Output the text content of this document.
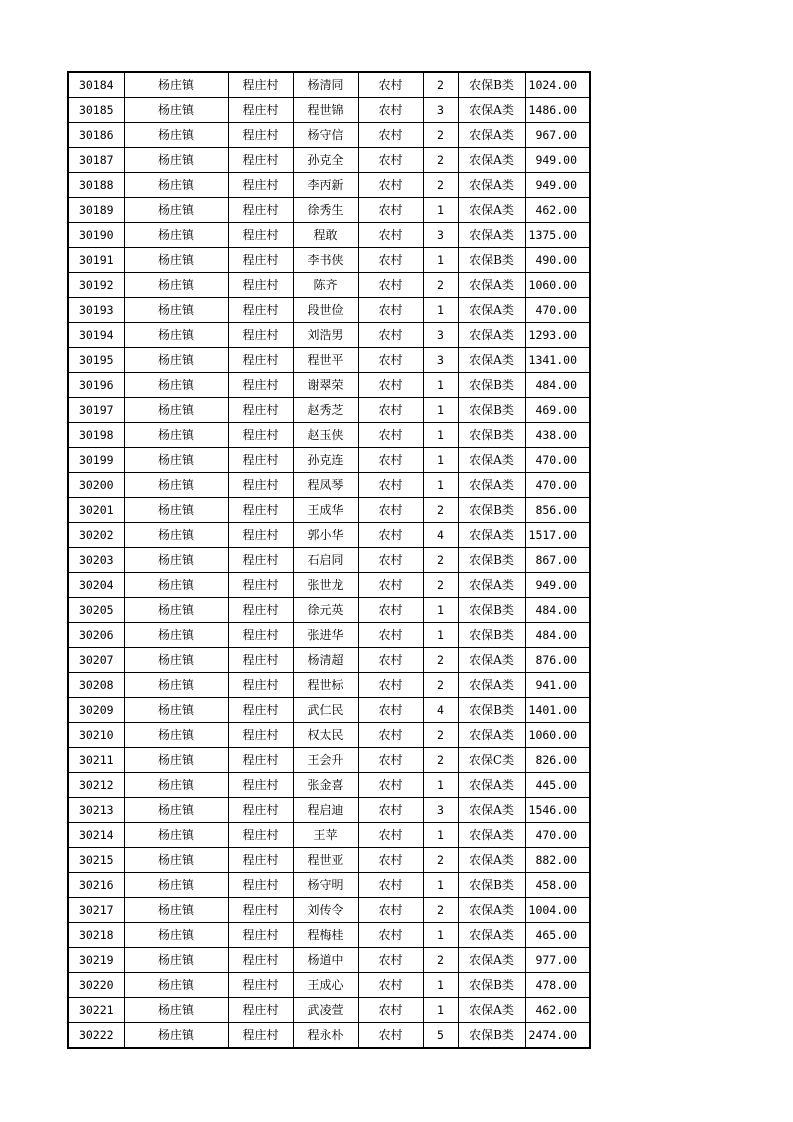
30184	杨庄镇	程庄村	杨清同	农村	2	农保B类	1024.00
30185	杨庄镇	程庄村	程世锦	农村	3	农保A类	1486.00
30186	杨庄镇	程庄村	杨守信	农村	2	农保A类	967.00
30187	杨庄镇	程庄村	孙克全	农村	2	农保A类	949.00
30188	杨庄镇	程庄村	李丙新	农村	2	农保A类	949.00
30189	杨庄镇	程庄村	徐秀生	农村	1	农保A类	462.00
30190	杨庄镇	程庄村	程敢	农村	3	农保A类	1375.00
30191	杨庄镇	程庄村	李书侠	农村	1	农保B类	490.00
30192	杨庄镇	程庄村	陈齐	农村	2	农保A类	1060.00
30193	杨庄镇	程庄村	段世俭	农村	1	农保A类	470.00
30194	杨庄镇	程庄村	刘浩男	农村	3	农保A类	1293.00
30195	杨庄镇	程庄村	程世平	农村	3	农保A类	1341.00
30196	杨庄镇	程庄村	谢翠荣	农村	1	农保B类	484.00
30197	杨庄镇	程庄村	赵秀芝	农村	1	农保B类	469.00
30198	杨庄镇	程庄村	赵玉侠	农村	1	农保B类	438.00
30199	杨庄镇	程庄村	孙克连	农村	1	农保A类	470.00
30200	杨庄镇	程庄村	程凤琴	农村	1	农保A类	470.00
30201	杨庄镇	程庄村	王成华	农村	2	农保B类	856.00
30202	杨庄镇	程庄村	郭小华	农村	4	农保A类	1517.00
30203	杨庄镇	程庄村	石启同	农村	2	农保B类	867.00
30204	杨庄镇	程庄村	张世龙	农村	2	农保A类	949.00
30205	杨庄镇	程庄村	徐元英	农村	1	农保B类	484.00
30206	杨庄镇	程庄村	张进华	农村	1	农保B类	484.00
30207	杨庄镇	程庄村	杨清超	农村	2	农保A类	876.00
30208	杨庄镇	程庄村	程世标	农村	2	农保A类	941.00
30209	杨庄镇	程庄村	武仁民	农村	4	农保B类	1401.00
30210	杨庄镇	程庄村	权太民	农村	2	农保A类	1060.00
30211	杨庄镇	程庄村	王会升	农村	2	农保C类	826.00
30212	杨庄镇	程庄村	张金喜	农村	1	农保A类	445.00
30213	杨庄镇	程庄村	程启迪	农村	3	农保A类	1546.00
30214	杨庄镇	程庄村	王苹	农村	1	农保A类	470.00
30215	杨庄镇	程庄村	程世亚	农村	2	农保A类	882.00
30216	杨庄镇	程庄村	杨守明	农村	1	农保B类	458.00
30217	杨庄镇	程庄村	刘传令	农村	2	农保A类	1004.00
30218	杨庄镇	程庄村	程梅桂	农村	1	农保A类	465.00
30219	杨庄镇	程庄村	杨道中	农村	2	农保A类	977.00
30220	杨庄镇	程庄村	王成心	农村	1	农保B类	478.00
30221	杨庄镇	程庄村	武凌萱	农村	1	农保A类	462.00
30222	杨庄镇	程庄村	程永朴	农村	5	农保B类	2474.00
